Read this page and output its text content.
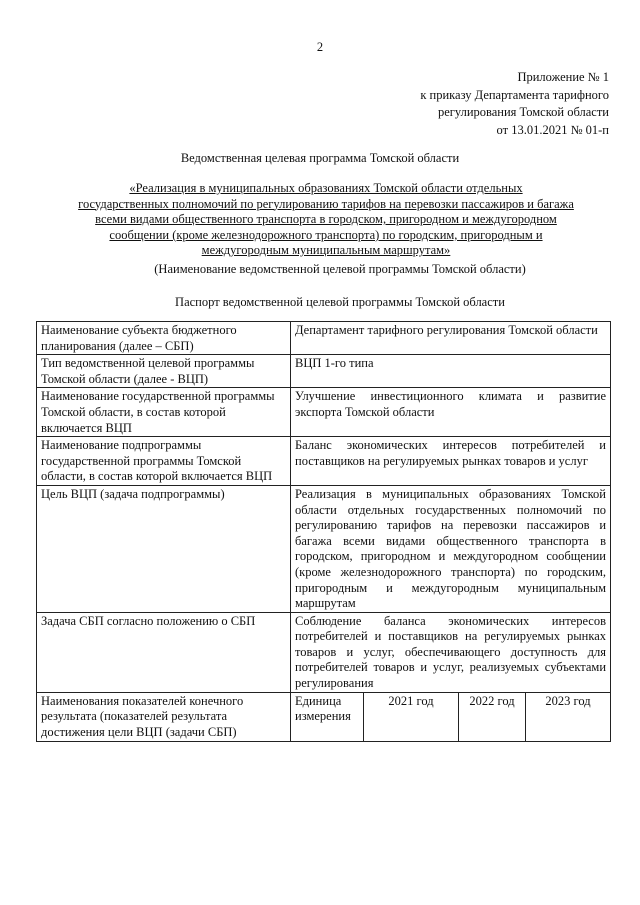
2
Приложение № 1
к приказу Департамента тарифного
регулирования Томской области
от 13.01.2021 № 01-п
Ведомственная целевая программа Томской области
«Реализация в муниципальных образованиях Томской области отдельных
государственных полномочий по регулированию тарифов на перевозки пассажиров и багажа
всеми видами общественного транспорта в городском, пригородном и междугородном
сообщении (кроме железнодорожного транспорта) по городским, пригородным и
междугородным муниципальным маршрутам»
(Наименование ведомственной целевой программы Томской области)
Паспорт ведомственной целевой программы Томской области
Наименование субъекта бюджетного планирования (далее – СБП)	Департамент тарифного регулирования Томской области			
Тип ведомственной целевой программы Томской области (далее - ВЦП)	ВЦП 1-го типа			
Наименование государственной программы Томской области, в состав которой включается ВЦП	Улучшение инвестиционного климата и развитие экспорта Томской области			
Наименование подпрограммы государственной программы Томской области, в состав которой включается ВЦП	Баланс экономических интересов потребителей и поставщиков на регулируемых рынках товаров и услуг			
Цель ВЦП (задача подпрограммы)	Реализация в муниципальных образованиях Томской области отдельных государственных полномочий по регулированию тарифов на перевозки пассажиров и багажа всеми видами общественного транспорта в городском, пригородном и междугородном сообщении (кроме железнодорожного транспорта) по городским, пригородным и междугородным муниципальным маршрутам			
Задача СБП согласно положению о СБП	Соблюдение баланса экономических интересов потребителей и поставщиков на регулируемых рынках товаров и услуг, обеспечивающего доступность для потребителей товаров и услуг, реализуемых субъектами регулирования			
Наименования показателей конечного результата (показателей результата достижения цели ВЦП (задачи СБП)	Единица измерения	2021 год	2022 год	2023 год
